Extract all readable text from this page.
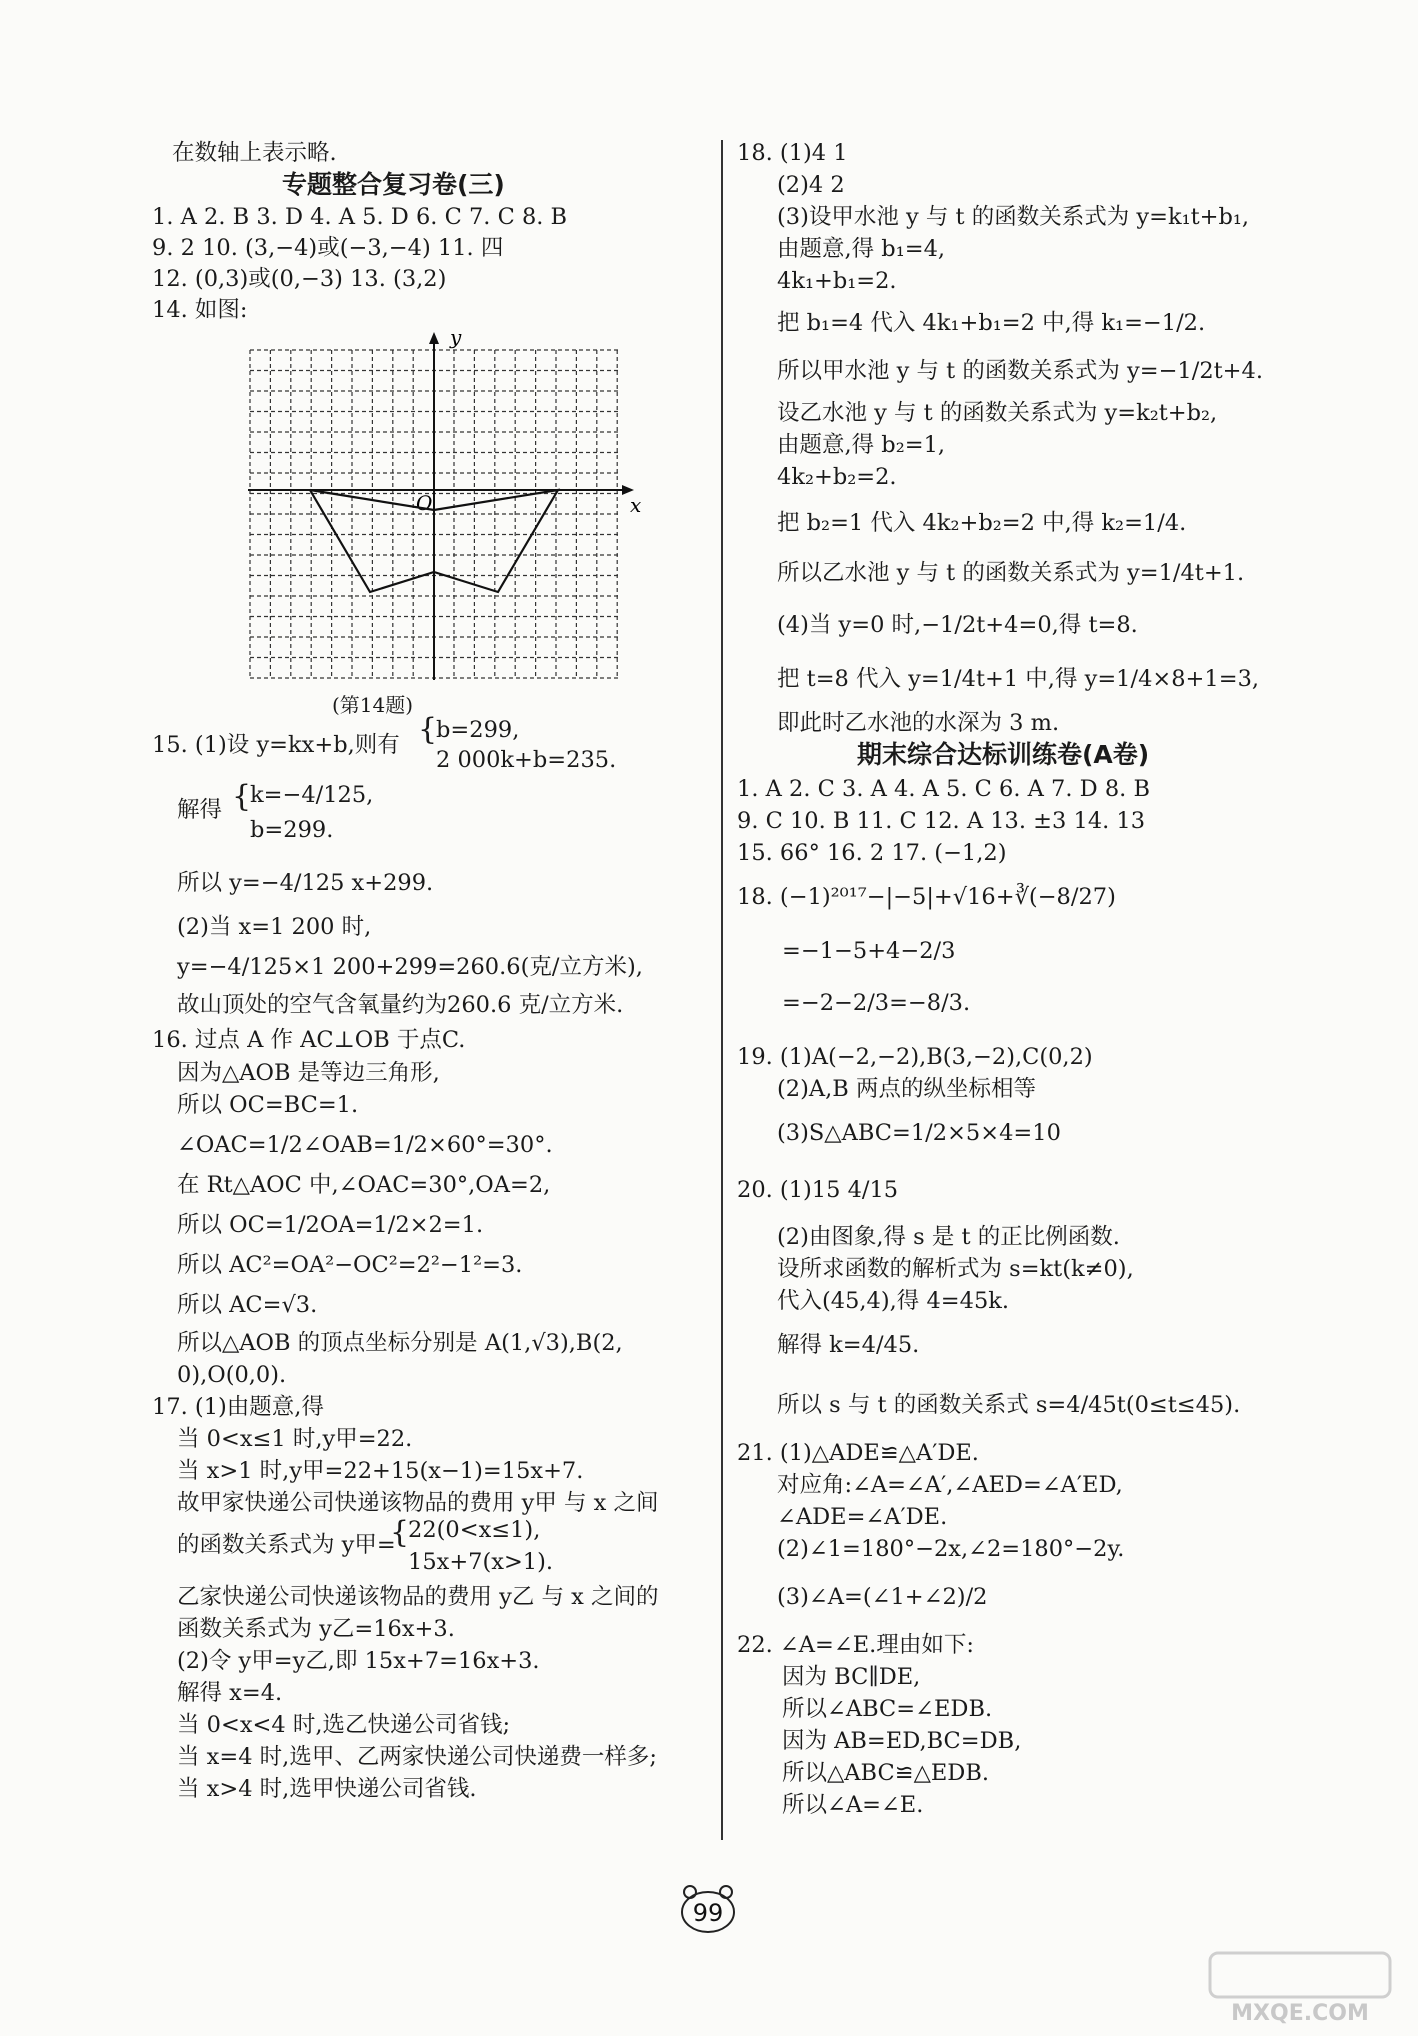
在数轴上表示略.
专题整合复习卷(三)
1. A 2. B 3. D 4. A 5. D 6. C 7. C 8. B
9. 2 10. (3,−4)或(−3,−4) 11. 四
12. (0,3)或(0,−3) 13. (3,2)
14. 如图:
(第14题)
15. (1)设 y=kx+b,则有 {
b=299,
2 000k+b=235.
解得 {
k=−4/125,
b=299.
所以 y=−4/125 x+299.
(2)当 x=1 200 时,
y=−4/125×1 200+299=260.6(克/立方米),
故山顶处的空气含氧量约为260.6 克/立方米.
16. 过点 A 作 AC⊥OB 于点C.
因为△AOB 是等边三角形,
所以 OC=BC=1.
∠OAC=1/2∠OAB=1/2×60°=30°.
在 Rt△AOC 中,∠OAC=30°,OA=2,
所以 OC=1/2OA=1/2×2=1.
所以 AC²=OA²−OC²=2²−1²=3.
所以 AC=√3.
所以△AOB 的顶点坐标分别是 A(1,√3),B(2,
0),O(0,0).
17. (1)由题意,得
当 0<x≤1 时,y甲=22.
当 x>1 时,y甲=22+15(x−1)=15x+7.
故甲家快递公司快递该物品的费用 y甲 与 x 之间
的函数关系式为 y甲=
{
22(0<x≤1),
15x+7(x>1).
乙家快递公司快递该物品的费用 y乙 与 x 之间的
函数关系式为 y乙=16x+3.
(2)令 y甲=y乙,即 15x+7=16x+3.
解得 x=4.
当 0<x<4 时,选乙快递公司省钱;
当 x=4 时,选甲、乙两家快递公司快递费一样多;
当 x>4 时,选甲快递公司省钱.
x
y
O
18. (1)4 1
(2)4 2
(3)设甲水池 y 与 t 的函数关系式为 y=k₁t+b₁,
由题意,得 b₁=4,
4k₁+b₁=2.
把 b₁=4 代入 4k₁+b₁=2 中,得 k₁=−1/2.
所以甲水池 y 与 t 的函数关系式为 y=−1/2t+4.
设乙水池 y 与 t 的函数关系式为 y=k₂t+b₂,
由题意,得 b₂=1,
4k₂+b₂=2.
把 b₂=1 代入 4k₂+b₂=2 中,得 k₂=1/4.
所以乙水池 y 与 t 的函数关系式为 y=1/4t+1.
(4)当 y=0 时,−1/2t+4=0,得 t=8.
把 t=8 代入 y=1/4t+1 中,得 y=1/4×8+1=3,
即此时乙水池的水深为 3 m.
期末综合达标训练卷(A卷)
1. A 2. C 3. A 4. A 5. C 6. A 7. D 8. B
9. C 10. B 11. C 12. A 13. ±3 14. 13
15. 66° 16. 2 17. (−1,2)
18. (−1)²⁰¹⁷−|−5|+√16+∛(−8/27)
=−1−5+4−2/3
=−2−2/3=−8/3.
19. (1)A(−2,−2),B(3,−2),C(0,2)
(2)A,B 两点的纵坐标相等
(3)S△ABC=1/2×5×4=10
20. (1)15 4/15
(2)由图象,得 s 是 t 的正比例函数.
设所求函数的解析式为 s=kt(k≠0),
代入(45,4),得 4=45k.
解得 k=4/45.
所以 s 与 t 的函数关系式 s=4/45t(0≤t≤45).
21. (1)△ADE≌△A′DE.
对应角:∠A=∠A′,∠AED=∠A′ED,
∠ADE=∠A′DE.
(2)∠1=180°−2x,∠2=180°−2y.
(3)∠A=(∠1+∠2)/2
22. ∠A=∠E.理由如下:
因为 BC∥DE,
所以∠ABC=∠EDB.
因为 AB=ED,BC=DB,
所以△ABC≌△EDB.
所以∠A=∠E.
99
MXQE.COM
